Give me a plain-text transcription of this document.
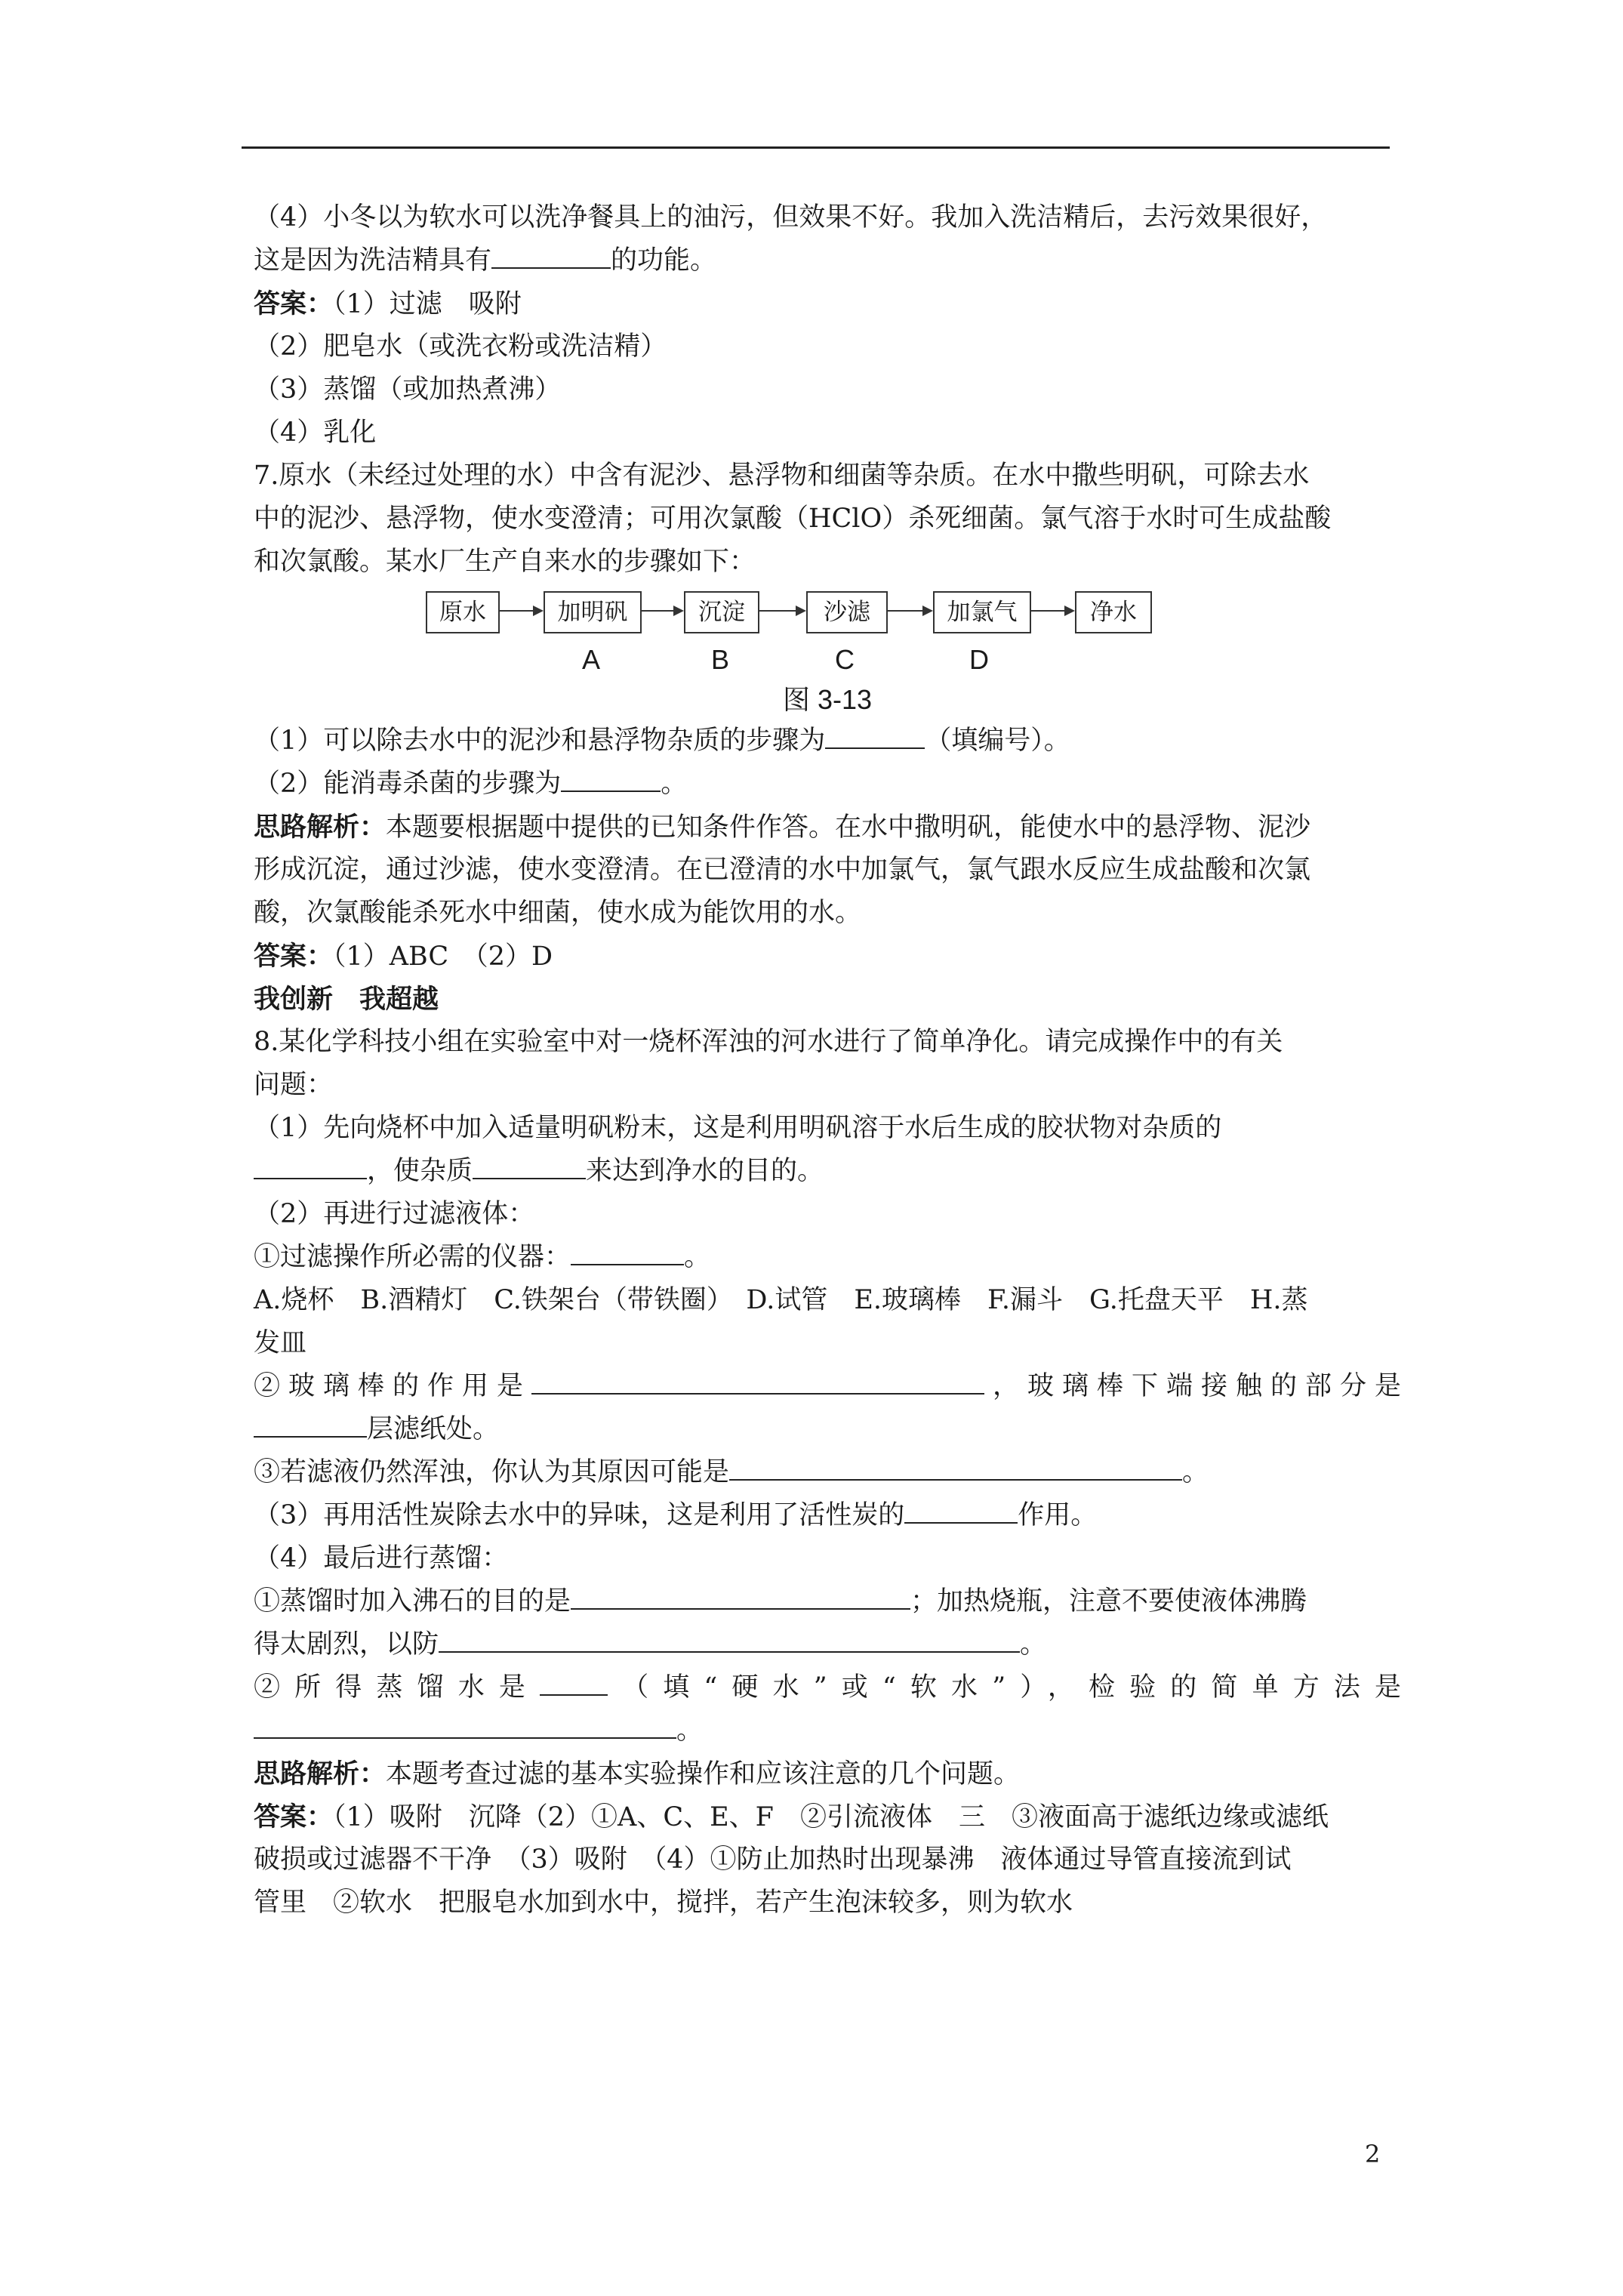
（4）小冬以为软水可以洗净餐具上的油污，但效果不好。我加入洗洁精后，去污效果很好，
这是因为洗洁精具有	的功能。
答案：（1）过滤　吸附
（2）肥皂水（或洗衣粉或洗洁精）
（3）蒸馏（或加热煮沸）
（4）乳化
7.原水（未经过处理的水）中含有泥沙、悬浮物和细菌等杂质。在水中撒些明矾，可除去水
中的泥沙、悬浮物，使水变澄清；可用次氯酸（HClO）杀死细菌。氯气溶于水时可生成盐酸
和次氯酸。某水厂生产自来水的步骤如下：
原水	加明矾	沉淀	沙滤	加氯气	净水
A	B	C	D
图 3-13
（1）可以除去水中的泥沙和悬浮物杂质的步骤为	（填编号）。
（2）能消毒杀菌的步骤为	。
思路解析：本题要根据题中提供的已知条件作答。在水中撒明矾，能使水中的悬浮物、泥沙
形成沉淀，通过沙滤，使水变澄清。在已澄清的水中加氯气，氯气跟水反应生成盐酸和次氯
酸，次氯酸能杀死水中细菌，使水成为能饮用的水。
答案：（1）ABC　（2）D
我创新　我超越
8.某化学科技小组在实验室中对一烧杯浑浊的河水进行了简单净化。请完成操作中的有关
问题：
（1）先向烧杯中加入适量明矾粉末，这是利用明矾溶于水后生成的胶状物对杂质的
，使杂质	来达到净水的目的。
（2）再进行过滤液体：
①过滤操作所必需的仪器：	。
A.烧杯　B.酒精灯　C.铁架台（带铁圈）　D.试管　E.玻璃棒　F.漏斗　G.托盘天平　H.蒸
发皿
②玻璃棒的作用是	，玻璃棒下端接触的部分是
层滤纸处。
③若滤液仍然浑浊，你认为其原因可能是	。
（3）再用活性炭除去水中的异味，这是利用了活性炭的	作用。
（4）最后进行蒸馏：
①蒸馏时加入沸石的目的是	；加热烧瓶，注意不要使液体沸腾
得太剧烈，以防	。
②所得蒸馏水是	（填“硬水”或“软水”），检验的简单方法是
。
思路解析：本题考查过滤的基本实验操作和应该注意的几个问题。
答案：（1）吸附　沉降（2）①A、C、E、F　②引流液体　三　③液面高于滤纸边缘或滤纸
破损或过滤器不干净　（3）吸附　（4）①防止加热时出现暴沸　液体通过导管直接流到试
管里　②软水　把服皂水加到水中，搅拌，若产生泡沫较多，则为软水
2
